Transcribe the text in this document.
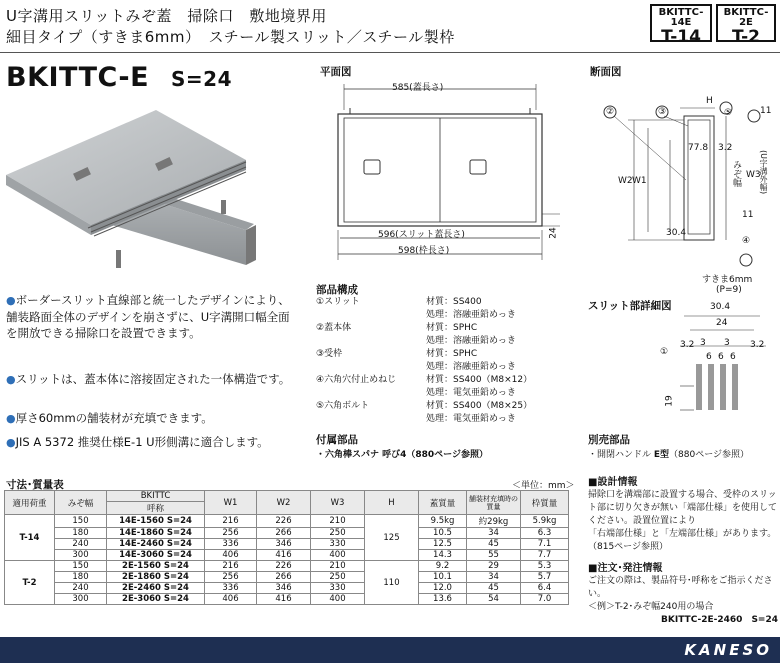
U字溝用スリットみぞ蓋　掃除口　敷地境界用
細目タイプ（すきま6mm）　スチール製スリット／スチール製枠
BKITTC-14E
T-14
BKITTC-2E
T-2
BKITTC-E S=24
●ボーダースリット直線部と統一したデザインにより、舗装路面全体のデザインを崩さずに、U字溝開口幅全面を開放できる掃除口を設置できます。
●スリットは、蓋本体に溶接固定された一体構造です。
●厚さ60mmの舗装材が充填できます。
●JIS A 5372 推奨仕様E-1 U形側溝に適合します。
平面図
585(蓋長さ)
596(スリット蓋長さ)
598(枠長さ)
24
断面図
H
②	③	⑤	11
77.8 3.2
W2 W1	みぞ幅 W3
(U字溝外幅)
30.4
④
11
すきま6mm
(P=9)
スリット部詳細図	30.4
24
3 3
3.2	3.2
6 6 6
①
19
部品構成
①スリット	材質：SS400
処理：溶融亜鉛めっき
②蓋本体	材質：SPHC
処理：溶融亜鉛めっき
③受枠	材質：SPHC
処理：溶融亜鉛めっき
④六角穴付止めねじ	材質：SS400（M8×12）
処理：電気亜鉛めっき
⑤六角ボルト	材質：SS400（M8×25）
処理：電気亜鉛めっき
付属部品
・六角棒スパナ 呼び4（880ページ参照）
別売部品
・開閉ハンドル E型（880ページ参照）
寸法･質量表	＜単位：mm＞
適用荷重	みぞ幅	BKITTC	W1	W2	W3	H	蓋質量	舗装材充填時の質量	枠質量
		呼称							
T-14	150	14E-1560 S=24	216	226	210	125	9.5kg	約29kg	5.9kg
	180	14E-1860 S=24	256	266	250		10.5	34	6.3
	240	14E-2460 S=24	336	346	330		12.5	45	7.1
	300	14E-3060 S=24	406	416	400		14.3	55	7.7
T-2	150	2E-1560 S=24	216	226	210	110	9.2	29	5.3
	180	2E-1860 S=24	256	266	250		10.1	34	5.7
	240	2E-2460 S=24	336	346	330		12.0	45	6.4
	300	2E-3060 S=24	406	416	400		13.6	54	7.0
■設計情報
掃除口を溝端部に設置する場合、受枠のスリット部に切り欠きが無い「端部仕様」を使用してください。設置位置により
「右端部仕様」と「左端部仕様」があります。
（815ページ参照）
■注文･発注情報
ご注文の際は、製品符号･呼称をご指示ください。
＜例＞T-2･みぞ幅240用の場合
BKITTC-2E-2460　S=24
KANESO
